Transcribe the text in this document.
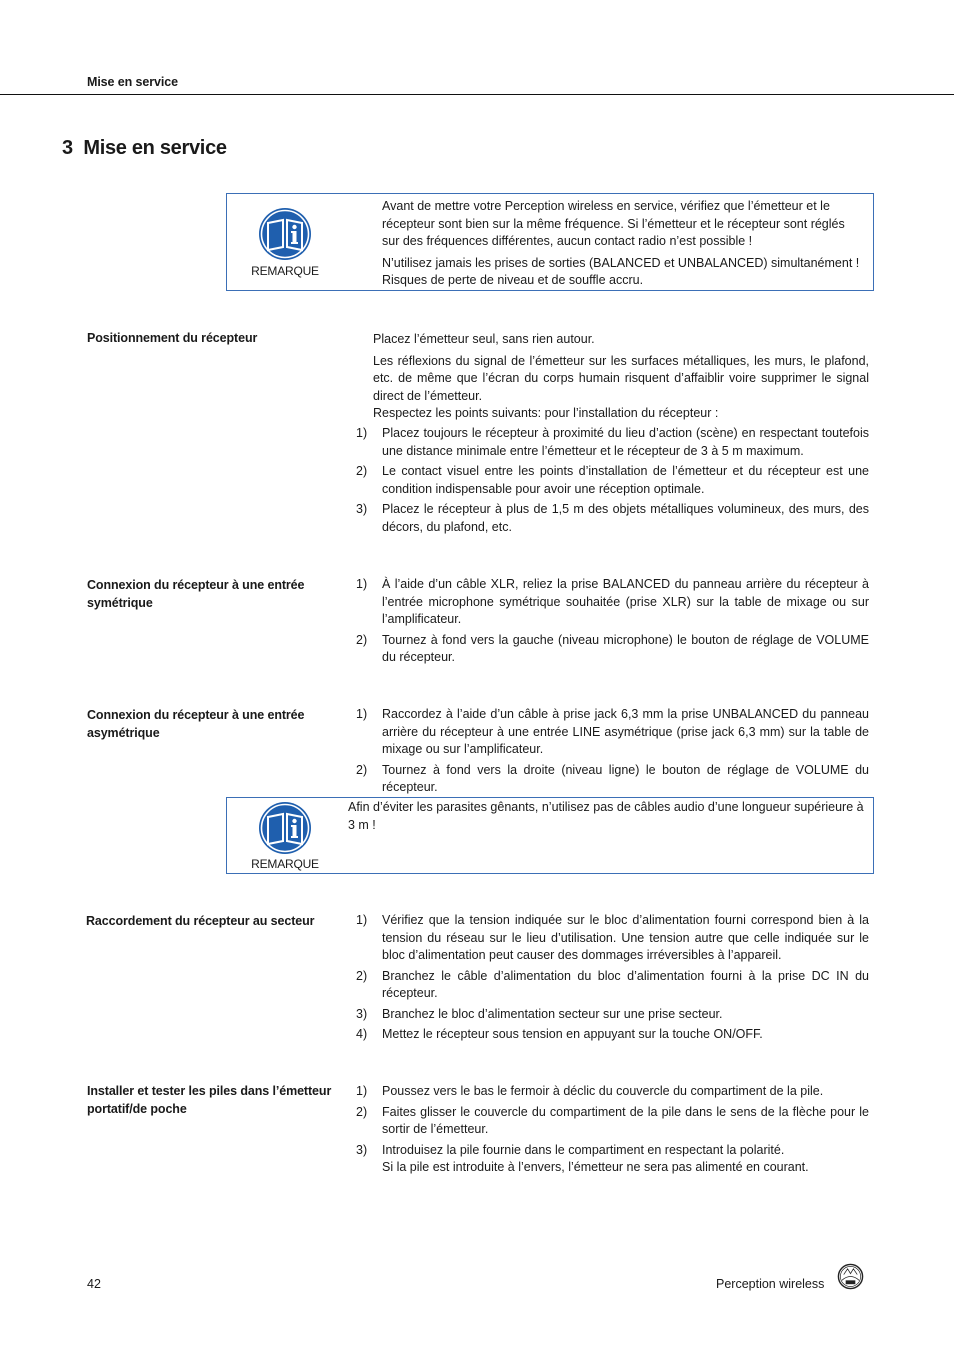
Mise en service
3 Mise en service
REMARQUE

Avant de mettre votre Perception wireless en service, vérifiez que l’émetteur et le récepteur sont bien sur la même fréquence. Si l’émetteur et le récepteur sont réglés sur des fréquences différentes, aucun contact radio n’est possible !

N’utilisez jamais les prises de sorties (BALANCED et UNBALANCED) simultanément ! Risques de perte de niveau et de souffle accru.

Positionnement du récepteur	Placez l’émetteur seul, sans rien autour.

Les réflexions du signal de l’émetteur sur les surfaces métalliques, les murs, le plafond, etc. de même que l’écran du corps humain risquent d’affaiblir voire supprimer le signal direct de l’émetteur.

Respectez les points suivants: pour l’installation du récepteur :

1) Placez toujours le récepteur à proximité du lieu d’action (scène) en respectant toutefois une distance minimale entre l’émetteur et le récepteur de 3 à 5 m maximum.
2) Le contact visuel entre les points d’installation de l’émetteur et du récepteur est une condition indispensable pour avoir une réception optimale.
3) Placez le récepteur à plus de 1,5 m des objets métalliques volumineux, des murs, des décors, du plafond, etc.
Connexion du récepteur à une entrée symétrique
1) À l’aide d’un câble XLR, reliez la prise BALANCED du panneau arrière du récepteur à l’entrée microphone symétrique souhaitée (prise XLR) sur la table de mixage ou sur l’amplificateur.
2) Tournez à fond vers la gauche (niveau microphone) le bouton de réglage de VOLUME du récepteur.
Connexion du récepteur à une entrée asymétrique
1) Raccordez à l’aide d’un câble à prise jack 6,3 mm la prise UNBALANCED du panneau arrière du récepteur à une entrée LINE asymétrique (prise jack 6,3 mm) sur la table de mixage ou sur l’amplificateur.
2) Tournez à fond vers la droite (niveau ligne) le bouton de réglage de VOLUME du récepteur.
REMARQUE
Afin d’éviter les parasites gênants, n’utilisez pas de câbles audio d’une longueur supérieure à 3 m !
Raccordement du récepteur au secteur	1) Vérifiez que la tension indiquée sur le bloc d’alimentation fourni correspond bien à la tension du réseau sur le lieu d’utilisation. Une tension autre que celle indiquée sur le bloc d’alimentation peut causer des dommages irréversibles à l’appareil.
2) Branchez le câble d’alimentation du bloc d’alimentation fourni à la prise DC IN du récepteur.
3) Branchez le bloc d’alimentation secteur sur une prise secteur.
4) Mettez le récepteur sous tension en appuyant sur la touche ON/OFF.
Installer et tester les piles dans l’émetteur portatif/de poche
1) Poussez vers le bas le fermoir à déclic du couvercle du compartiment de la pile.
2) Faites glisser le couvercle du compartiment de la pile dans le sens de la flèche pour le sortir de l’émetteur.
3) Introduisez la pile fournie dans le compartiment en respectant la polarité.
Si la pile est introduite à l’envers, l’émetteur ne sera pas alimenté en courant.
42	Perception wireless
